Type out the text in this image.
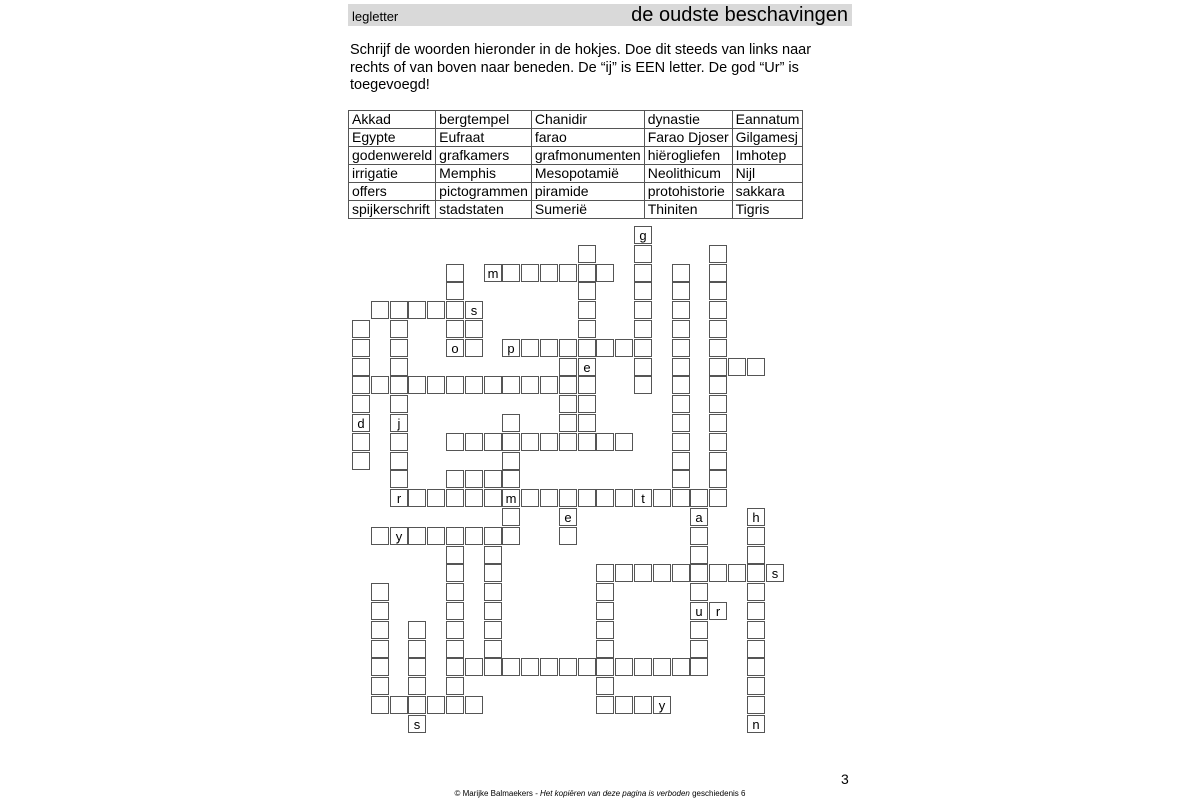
legletter	de oudste beschavingen
Schrijf de woorden hieronder in de hokjes. Doe dit steeds van links naar rechts of van boven naar beneden. De “ij” is EEN letter. De god “Ur” is toegevoegd!
Akkad	bergtempel	Chanidir	dynastie	Eannatum
Egypte	Eufraat	farao	Farao Djoser	Gilgamesj
godenwereld	grafkamers	grafmonumenten	hiërogliefen	Imhotep
irrigatie	Memphis	Mesopotamië	Neolithicum	Nijl
offers	pictogrammen	piramide	protohistorie	sakkara
spijkerschrift	stadstaten	Sumerië	Thiniten	Tigris
m
s
p
r	m	t
y
s
u	r
y
g
o
e
d	j
e
s
a	h
n
3
© Marijke Balmaekers - Het kopiëren van deze pagina is verboden geschiedenis 6
